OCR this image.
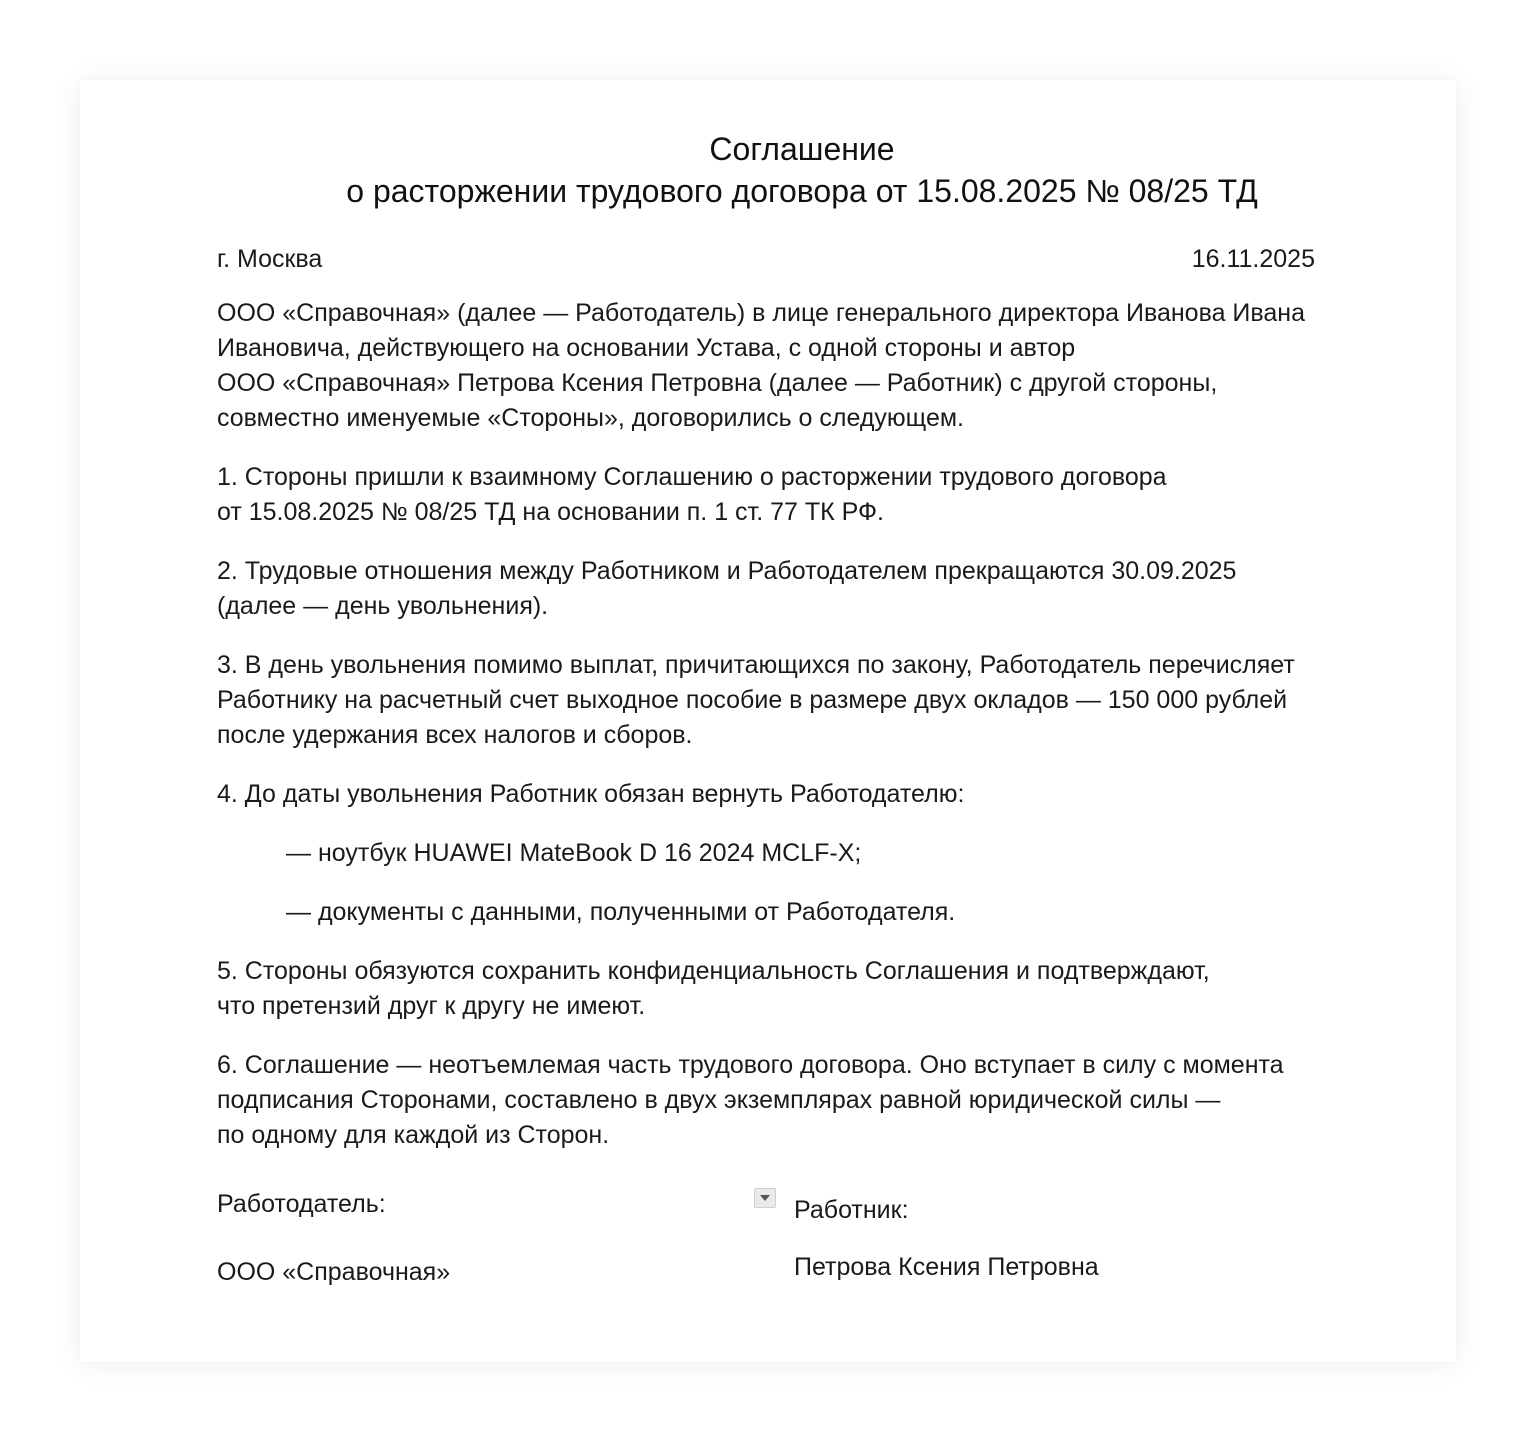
Соглашение
о расторжении трудового договора от 15.08.2025 № 08/25 ТД
г. Москва	16.11.2025

ООО «Справочная» (далее — Работодатель) в лице генерального директора Иванова Ивана
Ивановича, действующего на основании Устава, с одной стороны и автор
ООО «Справочная» Петрова Ксения Петровна (далее — Работник) с другой стороны,
совместно именуемые «Стороны», договорились о следующем.

1. Стороны пришли к взаимному Соглашению о расторжении трудового договора
от 15.08.2025 № 08/25 ТД на основании п. 1 ст. 77 ТК РФ.

2. Трудовые отношения между Работником и Работодателем прекращаются 30.09.2025
(далее — день увольнения).

3. В день увольнения помимо выплат, причитающихся по закону, Работодатель перечисляет
Работнику на расчетный счет выходное пособие в размере двух окладов — 150 000 рублей
после удержания всех налогов и сборов.

4. До даты увольнения Работник обязан вернуть Работодателю:

— ноутбук HUAWEI MateBook D 16 2024 MCLF-X;

— документы с данными, полученными от Работодателя.

5. Стороны обязуются сохранить конфиденциальность Соглашения и подтверждают,
что претензий друг к другу не имеют.

6. Соглашение — неотъемлемая часть трудового договора. Оно вступает в силу с момента
подписания Сторонами, составлено в двух экземплярах равной юридической силы —
по одному для каждой из Сторон.

Работодатель:
ООО «Справочная»
Работник:
Петрова Ксения Петровна
